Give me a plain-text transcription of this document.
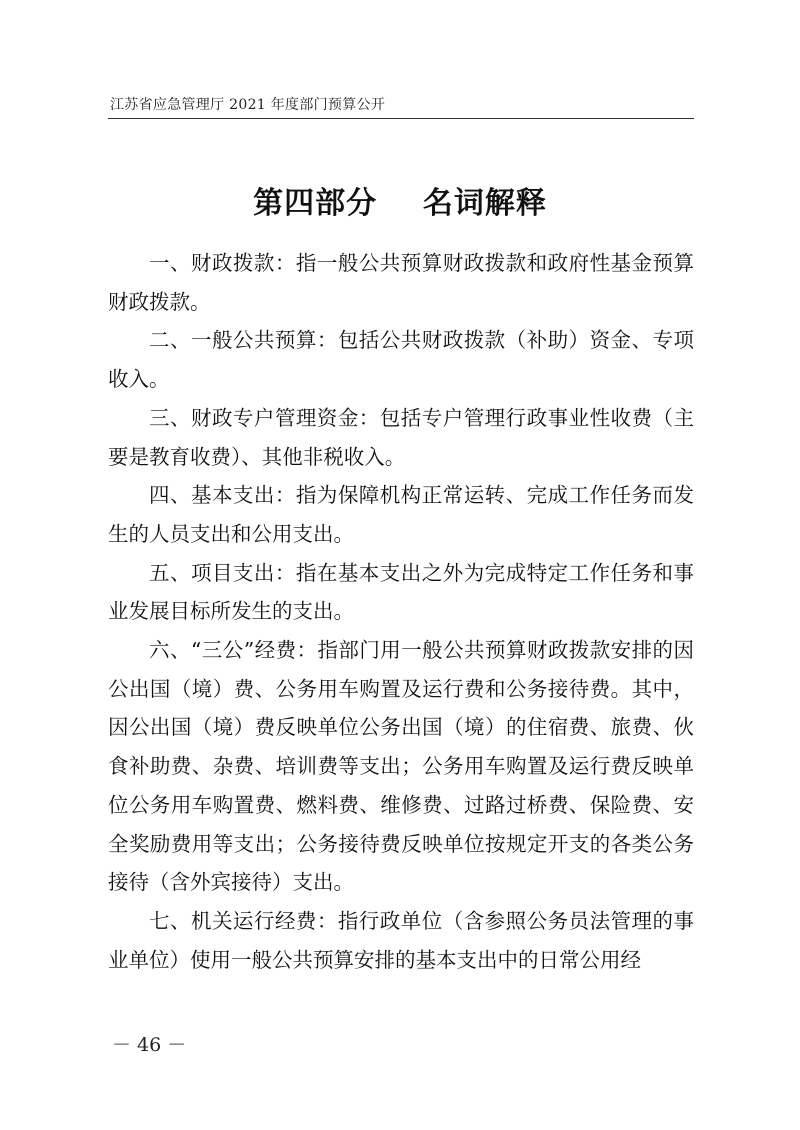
江苏省应急管理厅 2021 年度部门预算公开
第四部分    名词解释

一、财政拨款：指一般公共预算财政拨款和政府性基金预算财政拨款。

二、一般公共预算：包括公共财政拨款（补助）资金、专项收入。

三、财政专户管理资金：包括专户管理行政事业性收费（主要是教育收费）、其他非税收入。

四、基本支出：指为保障机构正常运转、完成工作任务而发生的人员支出和公用支出。

五、项目支出：指在基本支出之外为完成特定工作任务和事业发展目标所发生的支出。

六、“三公”经费：指部门用一般公共预算财政拨款安排的因公出国（境）费、公务用车购置及运行费和公务接待费。其中，因公出国（境）费反映单位公务出国（境）的住宿费、旅费、伙食补助费、杂费、培训费等支出；公务用车购置及运行费反映单位公务用车购置费、燃料费、维修费、过路过桥费、保险费、安全奖励费用等支出；公务接待费反映单位按规定开支的各类公务接待（含外宾接待）支出。

七、机关运行经费：指行政单位（含参照公务员法管理的事业单位）使用一般公共预算安排的基本支出中的日常公用经

－ 46 －
